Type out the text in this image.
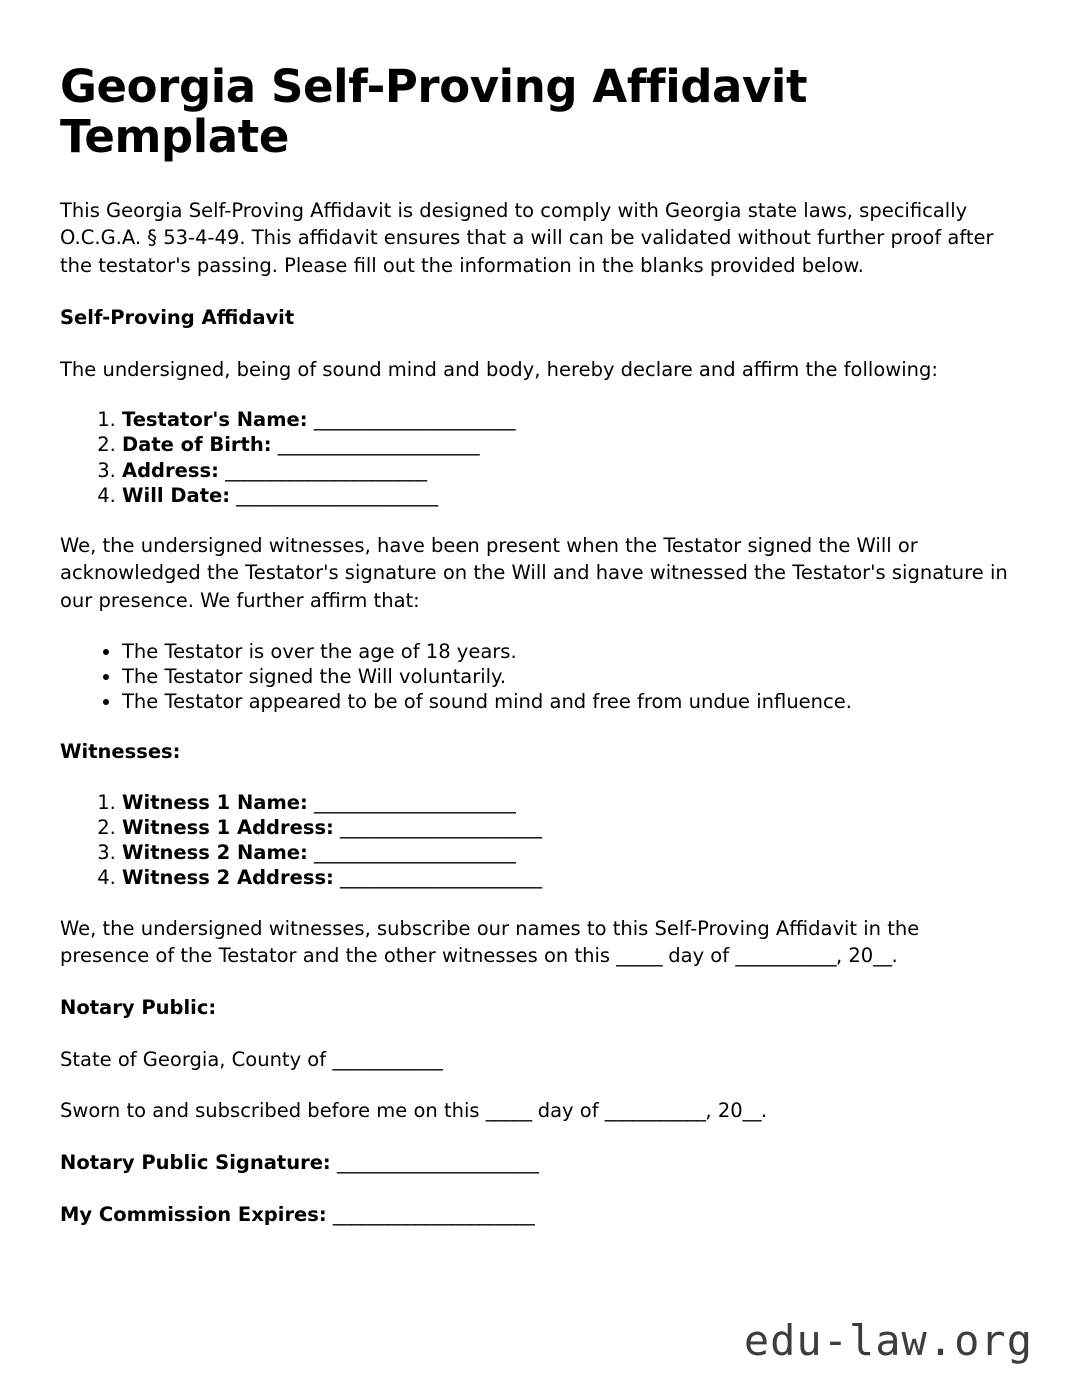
Georgia Self-Proving Affidavit Template

This Georgia Self-Proving Affidavit is designed to comply with Georgia state laws, specifically O.C.G.A. § 53-4-49. This affidavit ensures that a will can be validated without further proof after the testator's passing. Please fill out the information in the blanks provided below.

Self-Proving Affidavit

The undersigned, being of sound mind and body, hereby declare and affirm the following:

1. Testator's Name: ______________________
2. Date of Birth: ______________________
3. Address: ______________________
4. Will Date: ______________________

We, the undersigned witnesses, have been present when the Testator signed the Will or acknowledged the Testator's signature on the Will and have witnessed the Testator's signature in our presence. We further affirm that:

• The Testator is over the age of 18 years.
• The Testator signed the Will voluntarily.
• The Testator appeared to be of sound mind and free from undue influence.
Witnesses:
1. Witness 1 Name: ______________________
2. Witness 1 Address: ______________________
3. Witness 2 Name: ______________________
4. Witness 2 Address: ______________________

We, the undersigned witnesses, subscribe our names to this Self-Proving Affidavit in the presence of the Testator and the other witnesses on this _____ day of ___________, 20__.

Notary Public:

State of Georgia, County of ____________

Sworn to and subscribed before me on this _____ day of ___________, 20__.

Notary Public Signature: ______________________

My Commission Expires: ______________________

edu-law.org
